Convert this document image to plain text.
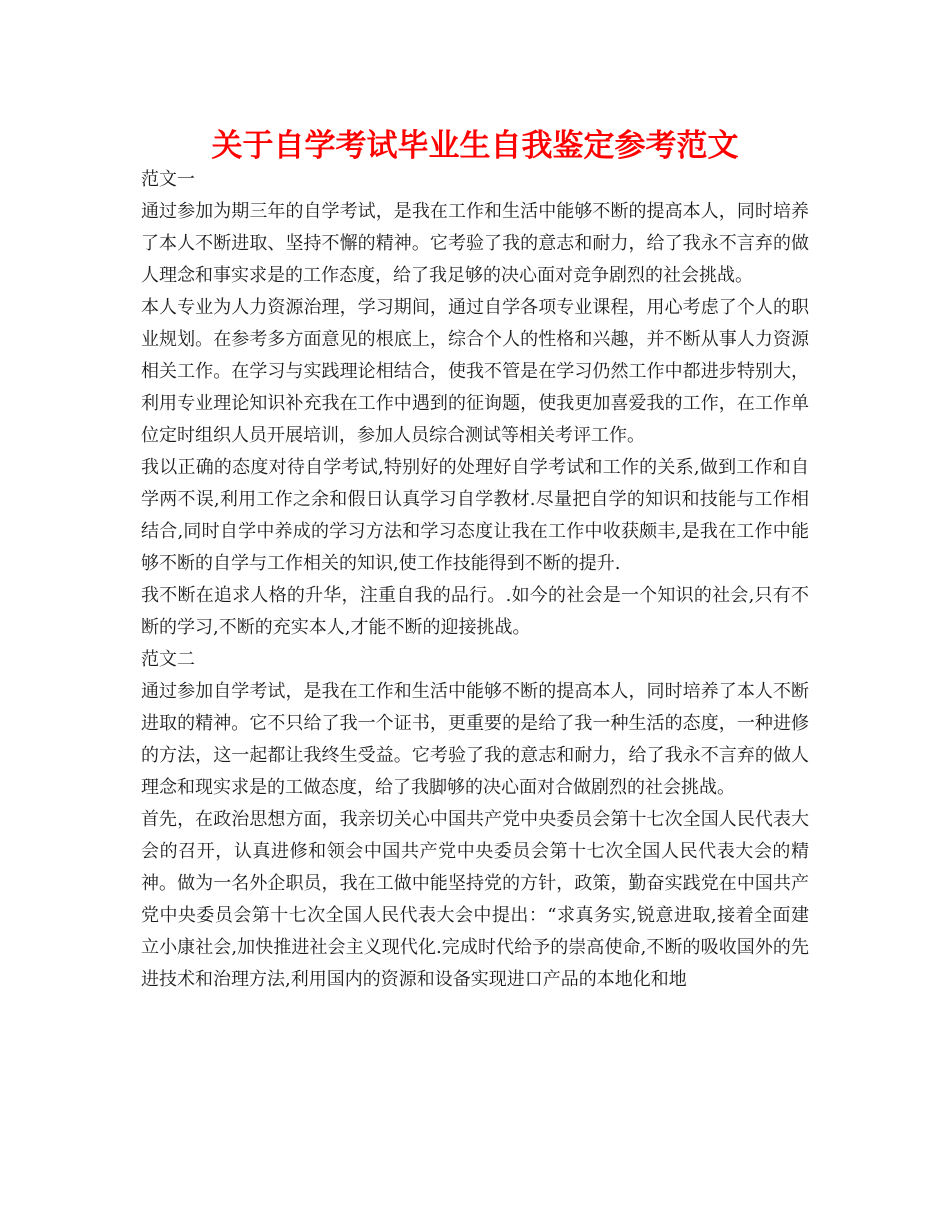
关于自学考试毕业生自我鉴定参考范文

范文一

通过参加为期三年的自学考试，是我在工作和生活中能够不断的提高本人，同时培养了本人不断进取、坚持不懈的精神。它考验了我的意志和耐力，给了我永不言弃的做人理念和事实求是的工作态度，给了我足够的决心面对竞争剧烈的社会挑战。

本人专业为人力资源治理，学习期间，通过自学各项专业课程，用心考虑了个人的职业规划。在参考多方面意见的根底上，综合个人的性格和兴趣，并不断从事人力资源相关工作。在学习与实践理论相结合，使我不管是在学习仍然工作中都进步特别大，利用专业理论知识补充我在工作中遇到的征询题，使我更加喜爱我的工作，在工作单位定时组织人员开展培训，参加人员综合测试等相关考评工作。

我以正确的态度对待自学考试,特别好的处理好自学考试和工作的关系,做到工作和自学两不误,利用工作之余和假日认真学习自学教材.尽量把自学的知识和技能与工作相结合,同时自学中养成的学习方法和学习态度让我在工作中收获颇丰,是我在工作中能够不断的自学与工作相关的知识,使工作技能得到不断的提升.

我不断在追求人格的升华，注重自我的品行。.如今的社会是一个知识的社会,只有不断的学习,不断的充实本人,才能不断的迎接挑战。

范文二

通过参加自学考试，是我在工作和生活中能够不断的提高本人，同时培养了本人不断进取的精神。它不只给了我一个证书，更重要的是给了我一种生活的态度，一种进修的方法，这一起都让我终生受益。它考验了我的意志和耐力，给了我永不言弃的做人理念和现实求是的工做态度，给了我脚够的决心面对合做剧烈的社会挑战。

首先，在政治思想方面，我亲切关心中国共产党中央委员会第十七次全国人民代表大会的召开，认真进修和领会中国共产党中央委员会第十七次全国人民代表大会的精神。做为一名外企职员，我在工做中能坚持党的方针，政策，勤奋实践党在中国共产党中央委员会第十七次全国人民代表大会中提出：“求真务实,锐意进取,接着全面建立小康社会,加快推进社会主义现代化.完成时代给予的崇高使命,不断的吸收国外的先进技术和治理方法,利用国内的资源和设备实现进口产品的本地化和地
